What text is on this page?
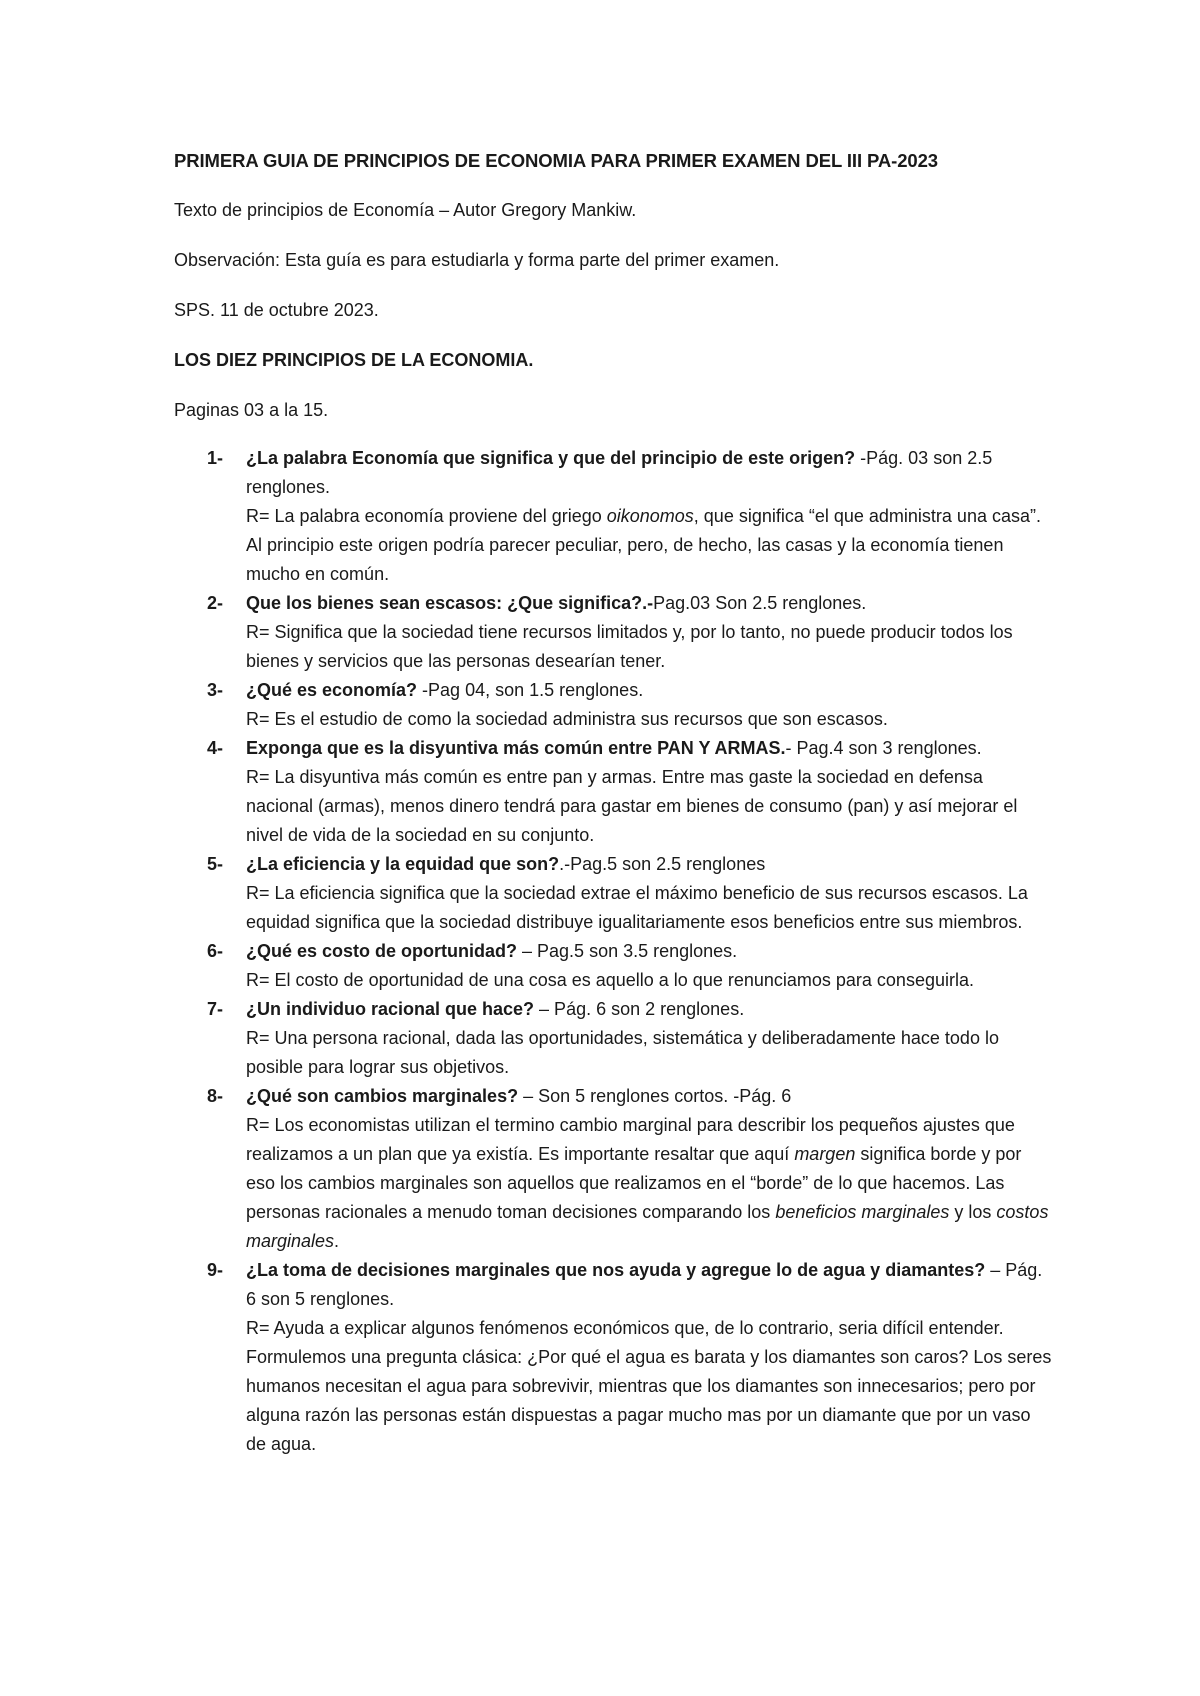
PRIMERA GUIA DE PRINCIPIOS DE ECONOMIA PARA PRIMER EXAMEN DEL III PA-2023

Texto de principios de Economía – Autor Gregory Mankiw.

Observación: Esta guía es para estudiarla y forma parte del primer examen.

SPS. 11 de octubre 2023.

LOS DIEZ PRINCIPIOS DE LA ECONOMIA.

Paginas 03 a la 15.

1- ¿La palabra Economía que significa y que del principio de este origen? -Pág. 03 son 2.5 renglones.
R= La palabra economía proviene del griego oikonomos, que significa “el que administra una casa”. Al principio este origen podría parecer peculiar, pero, de hecho, las casas y la economía tienen mucho en común.
2- Que los bienes sean escasos: ¿Que significa?.-Pag.03 Son 2.5 renglones.
R= Significa que la sociedad tiene recursos limitados y, por lo tanto, no puede producir todos los bienes y servicios que las personas desearían tener.
3- ¿Qué es economía? -Pag 04, son 1.5 renglones.
R= Es el estudio de como la sociedad administra sus recursos que son escasos.
4- Exponga que es la disyuntiva más común entre PAN Y ARMAS.- Pag.4 son 3 renglones.
R= La disyuntiva más común es entre pan y armas. Entre mas gaste la sociedad en defensa nacional (armas), menos dinero tendrá para gastar em bienes de consumo (pan) y así mejorar el nivel de vida de la sociedad en su conjunto.
5- ¿La eficiencia y la equidad que son?.-Pag.5 son 2.5 renglones
R= La eficiencia significa que la sociedad extrae el máximo beneficio de sus recursos escasos. La equidad significa que la sociedad distribuye igualitariamente esos beneficios entre sus miembros.
6- ¿Qué es costo de oportunidad? – Pag.5 son 3.5 renglones.
R= El costo de oportunidad de una cosa es aquello a lo que renunciamos para conseguirla.
7- ¿Un individuo racional que hace? – Pág. 6 son 2 renglones.
R= Una persona racional, dada las oportunidades, sistemática y deliberadamente hace todo lo posible para lograr sus objetivos.
8- ¿Qué son cambios marginales? – Son 5 renglones cortos. -Pág. 6
R= Los economistas utilizan el termino cambio marginal para describir los pequeños ajustes que realizamos a un plan que ya existía. Es importante resaltar que aquí margen significa borde y por eso los cambios marginales son aquellos que realizamos en el “borde” de lo que hacemos. Las personas racionales a menudo toman decisiones comparando los beneficios marginales y los costos marginales.
9- ¿La toma de decisiones marginales que nos ayuda y agregue lo de agua y diamantes? – Pág. 6 son 5 renglones.
R= Ayuda a explicar algunos fenómenos económicos que, de lo contrario, seria difícil entender. Formulemos una pregunta clásica: ¿Por qué el agua es barata y los diamantes son caros? Los seres humanos necesitan el agua para sobrevivir, mientras que los diamantes son innecesarios; pero por alguna razón las personas están dispuestas a pagar mucho mas por un diamante que por un vaso de agua.
